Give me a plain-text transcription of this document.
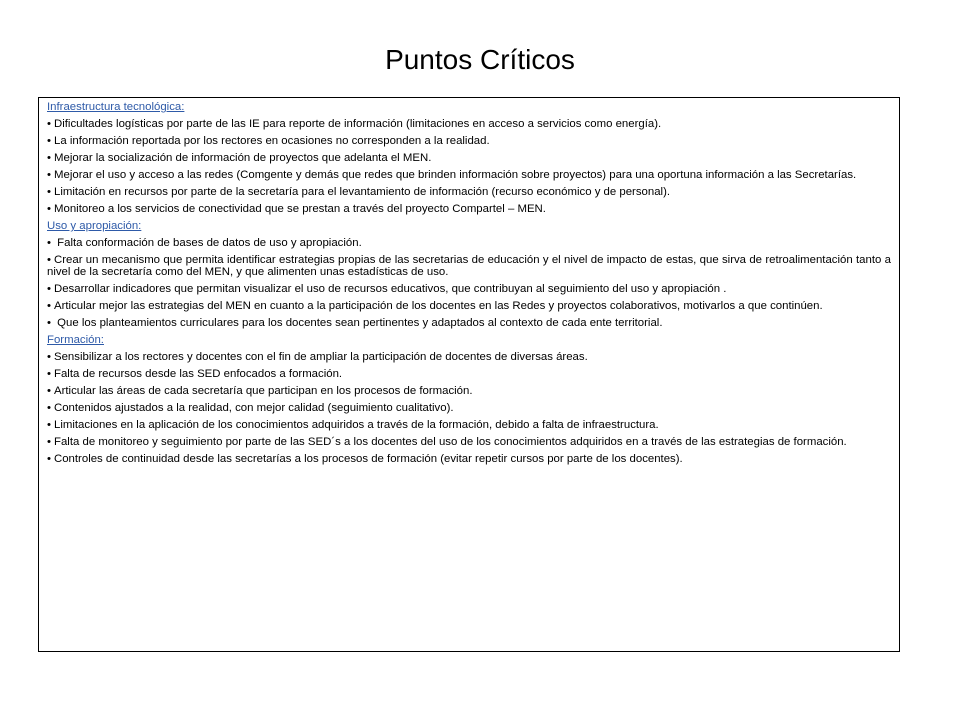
Puntos Críticos
Infraestructura tecnológica:
• Dificultades logísticas por parte de las IE para reporte de información (limitaciones en acceso a servicios como energía).
• La información reportada por los rectores en ocasiones no corresponden a la realidad.
• Mejorar la socialización de información de proyectos que adelanta el MEN.
• Mejorar el uso y acceso a las redes (Comgente y demás que redes que brinden información sobre proyectos) para una oportuna información a las Secretarías.
• Limitación en recursos por parte de la secretaría para el levantamiento de información (recurso económico y de personal).
• Monitoreo a los servicios de conectividad que se prestan a través del proyecto Compartel – MEN.
Uso y apropiación:
• Falta conformación de bases de datos de uso y apropiación.
• Crear un mecanismo que permita identificar estrategias propias de las secretarias de educación y el nivel de impacto de estas, que sirva de retroalimentación tanto a nivel de la secretaría como del MEN, y que alimenten unas estadísticas de uso.
• Desarrollar indicadores que permitan visualizar el uso de recursos educativos, que contribuyan al seguimiento del uso y apropiación .
• Articular mejor las estrategias del MEN en cuanto a la participación de los docentes en las Redes y proyectos colaborativos, motivarlos a que continúen.
• Que los planteamientos curriculares para los docentes sean pertinentes y adaptados al contexto de cada ente territorial.
Formación:
• Sensibilizar a los rectores y docentes con el fin de ampliar la participación de docentes de diversas áreas.
• Falta de recursos desde las SED enfocados a formación.
• Articular las áreas de cada secretaría que participan en los procesos de formación.
• Contenidos ajustados a la realidad, con mejor calidad (seguimiento cualitativo).
• Limitaciones en la aplicación de los conocimientos adquiridos a través de la formación, debido a falta de infraestructura.
• Falta de monitoreo y seguimiento por parte de las SED´s a los docentes del uso de los conocimientos adquiridos en a través de las estrategias de formación.
• Controles de continuidad desde las secretarías a los procesos de formación (evitar repetir cursos por parte de los docentes).
